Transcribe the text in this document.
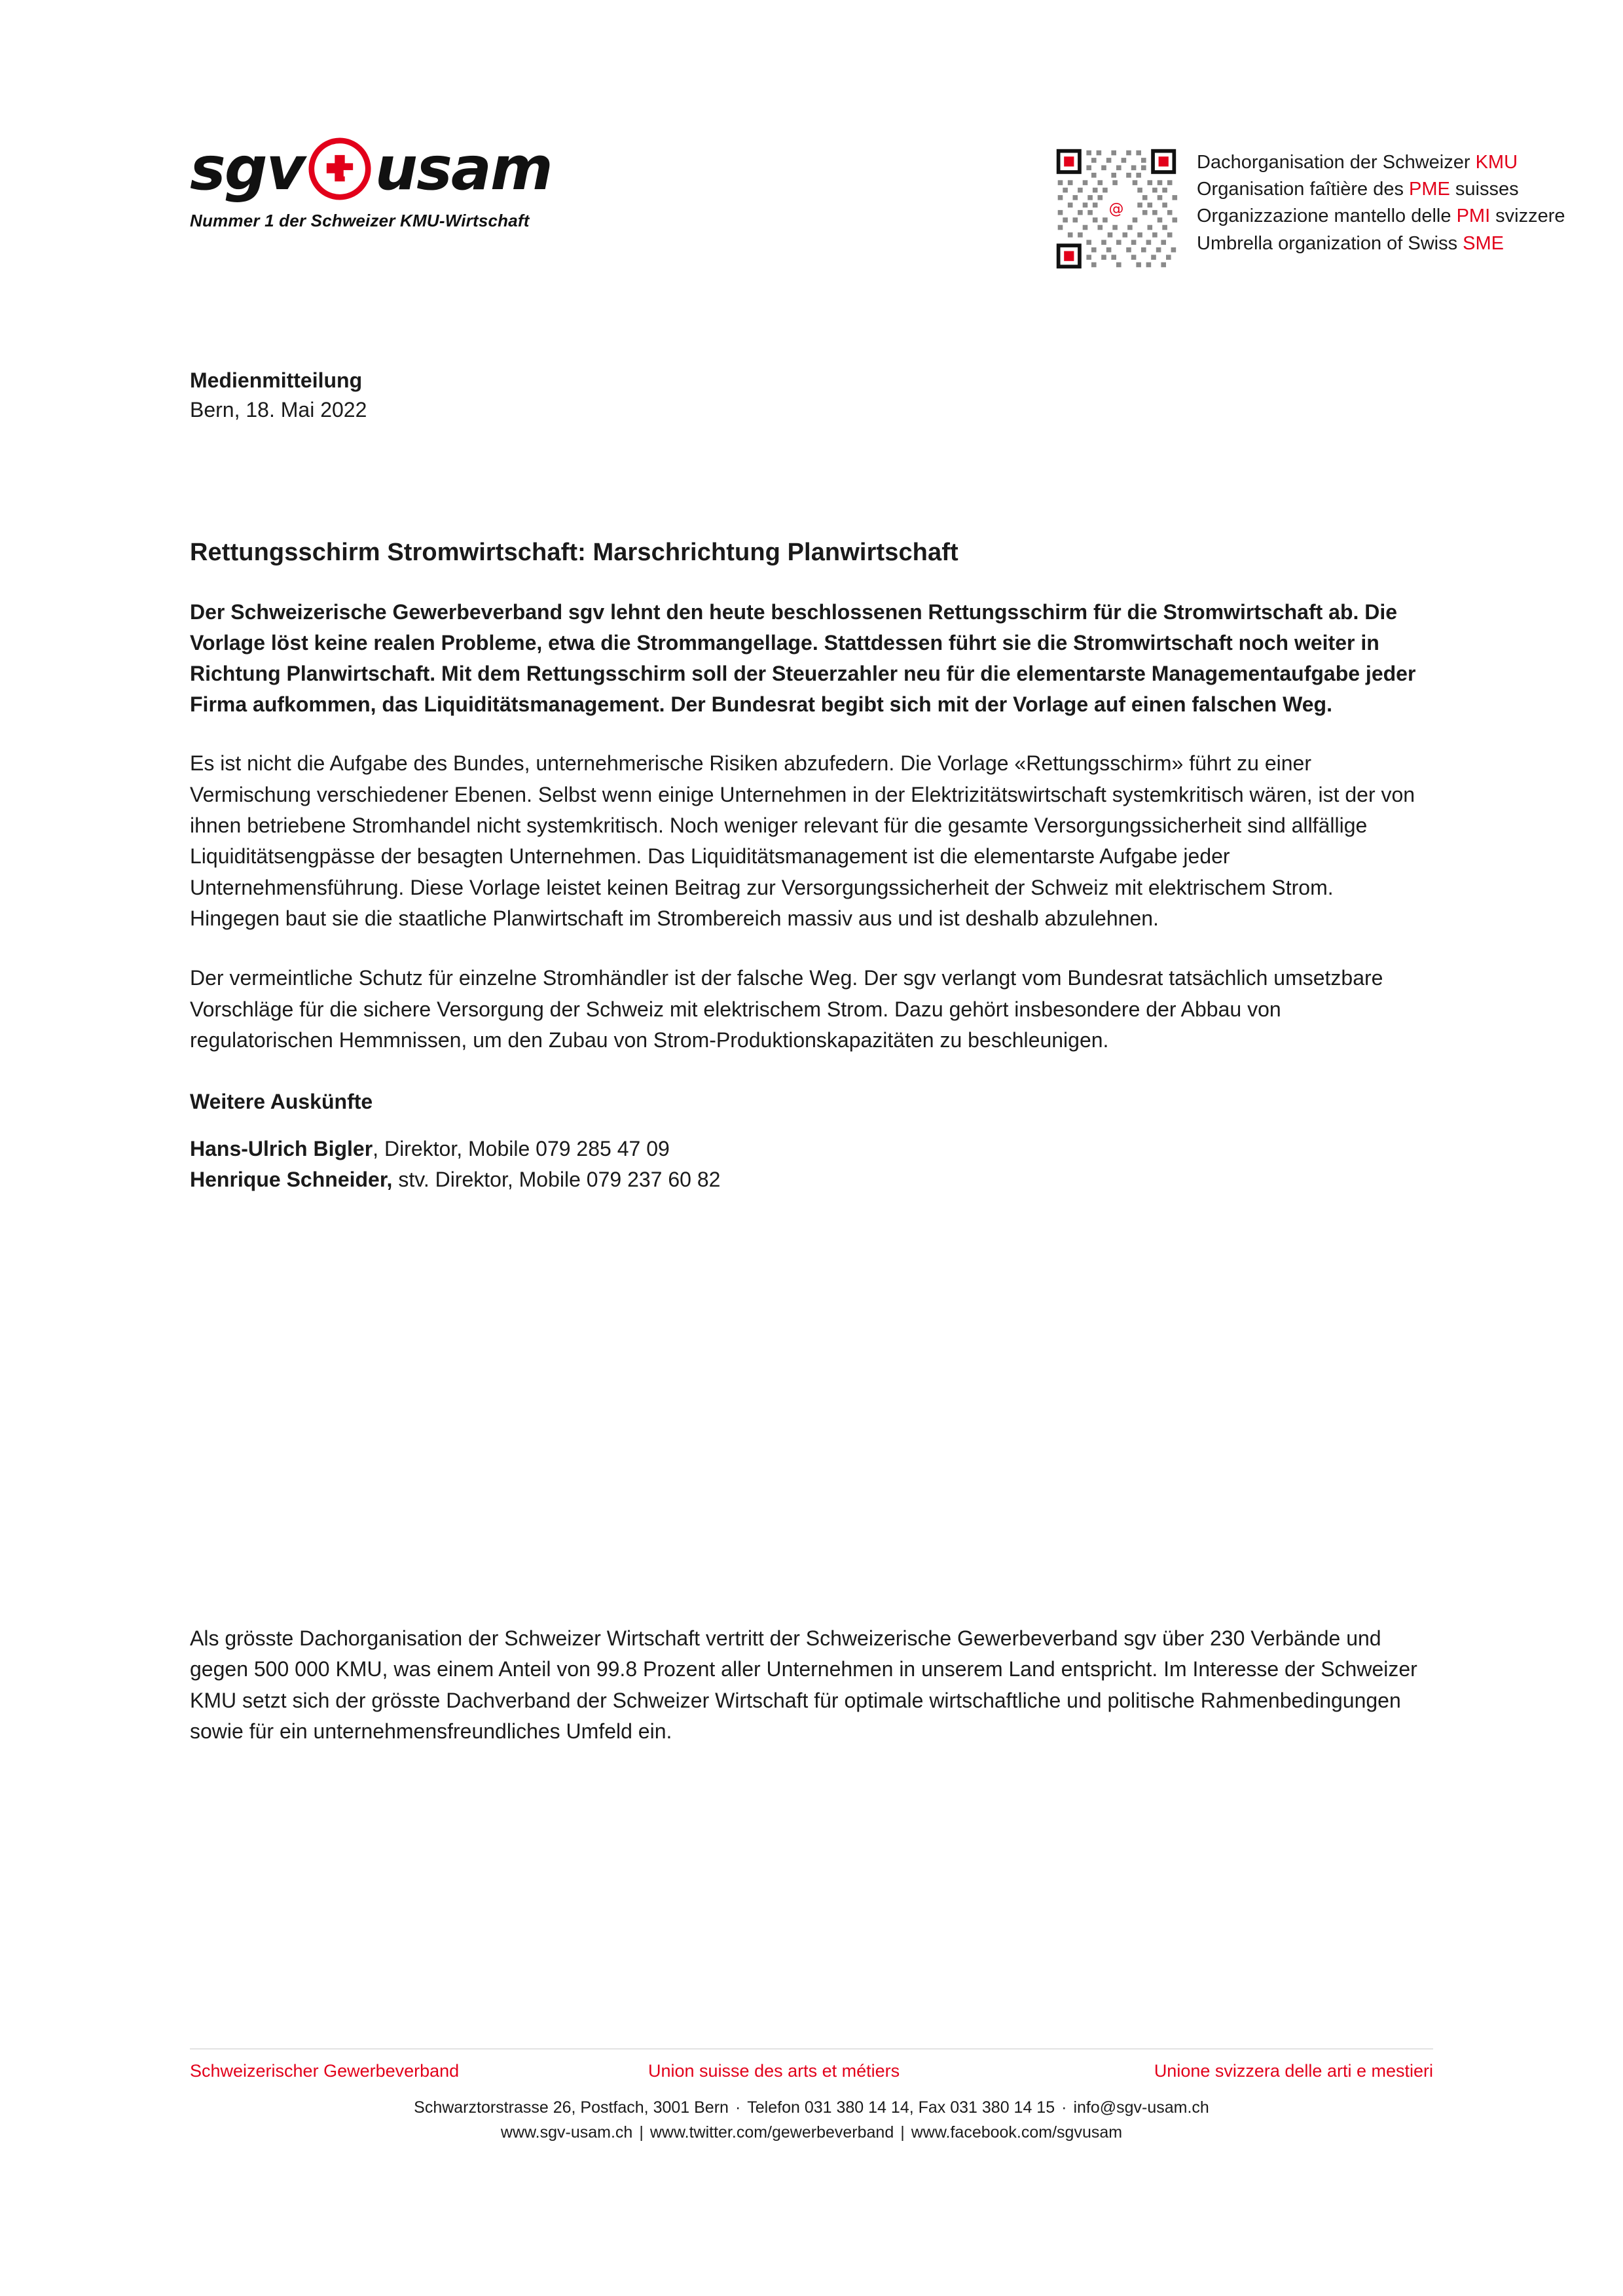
sgv usam
Nummer 1 der Schweizer KMU-Wirtschaft
@
Dachorganisation der Schweizer KMU
Organisation faîtière des PME suisses
Organizzazione mantello delle PMI svizzere
Umbrella organization of Swiss SME
Medienmitteilung
Bern, 18. Mai 2022
Rettungsschirm Stromwirtschaft: Marschrichtung Planwirtschaft

Der Schweizerische Gewerbeverband sgv lehnt den heute beschlossenen Rettungsschirm für die Stromwirtschaft ab. Die Vorlage löst keine realen Probleme, etwa die Strommangellage. Stattdessen führt sie die Stromwirtschaft noch weiter in Richtung Planwirtschaft. Mit dem Rettungsschirm soll der Steuerzahler neu für die elementarste Managementaufgabe jeder Firma aufkommen, das Liquiditätsmanagement. Der Bundesrat begibt sich mit der Vorlage auf einen falschen Weg.

Es ist nicht die Aufgabe des Bundes, unternehmerische Risiken abzufedern. Die Vorlage «Rettungsschirm» führt zu einer Vermischung verschiedener Ebenen. Selbst wenn einige Unternehmen in der Elektrizitätswirtschaft systemkritisch wären, ist der von ihnen betriebene Stromhandel nicht systemkritisch. Noch weniger relevant für die gesamte Versorgungssicherheit sind allfällige Liquiditätsengpässe der besagten Unternehmen. Das Liquiditätsmanagement ist die elementarste Aufgabe jeder Unternehmensführung. Diese Vorlage leistet keinen Beitrag zur Versorgungssicherheit der Schweiz mit elektrischem Strom. Hingegen baut sie die staatliche Planwirtschaft im Strombereich massiv aus und ist deshalb abzulehnen.

Der vermeintliche Schutz für einzelne Stromhändler ist der falsche Weg. Der sgv verlangt vom Bundesrat tatsächlich umsetzbare Vorschläge für die sichere Versorgung der Schweiz mit elektrischem Strom. Dazu gehört insbesondere der Abbau von regulatorischen Hemmnissen, um den Zubau von Strom-Produktionskapazitäten zu beschleunigen.

Weitere Auskünfte
Hans-Ulrich Bigler, Direktor, Mobile 079 285 47 09
Henrique Schneider, stv. Direktor, Mobile 079 237 60 82
Als grösste Dachorganisation der Schweizer Wirtschaft vertritt der Schweizerische Gewerbeverband sgv über 230 Verbände und gegen 500 000 KMU, was einem Anteil von 99.8 Prozent aller Unternehmen in unserem Land entspricht. Im Interesse der Schweizer KMU setzt sich der grösste Dachverband der Schweizer Wirtschaft für optimale wirtschaftliche und politische Rahmenbedingungen sowie für ein unternehmensfreundliches Umfeld ein.
Schweizerischer Gewerbeverband	Union suisse des arts et métiers	Unione svizzera delle arti e mestieri
Schwarztorstrasse 26, Postfach, 3001 Bern · Telefon 031 380 14 14, Fax 031 380 14 15 · info@sgv-usam.ch
www.sgv-usam.ch | www.twitter.com/gewerbeverband | www.facebook.com/sgvusam
